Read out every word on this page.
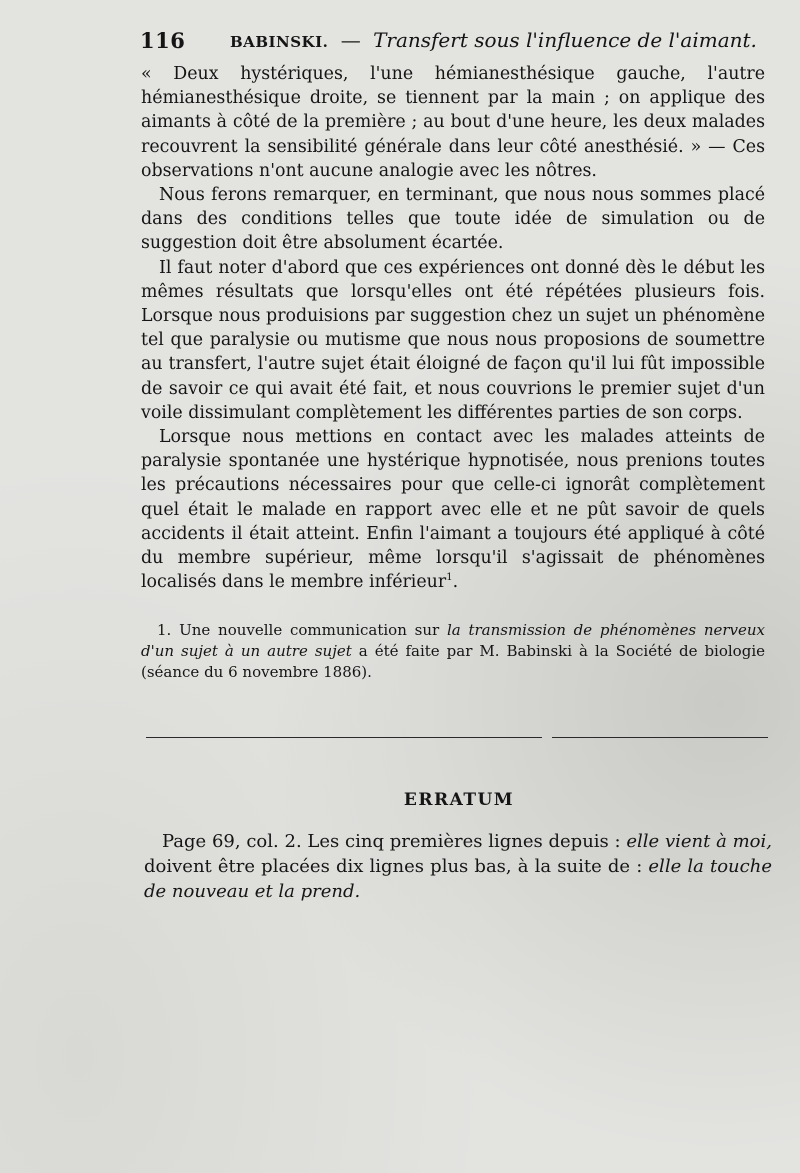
116	BABINSKI. — Transfert sous l'influence de l'aimant.

« Deux hystériques, l'une hémianesthésique gauche, l'autre hémianesthésique droite, se tiennent par la main ; on applique des aimants à côté de la première ; au bout d'une heure, les deux malades recouvrent la sensibilité générale dans leur côté anesthésié. » — Ces observations n'ont aucune analogie avec les nôtres.

Nous ferons remarquer, en terminant, que nous nous sommes placé dans des conditions telles que toute idée de simulation ou de suggestion doit être absolument écartée.

Il faut noter d'abord que ces expériences ont donné dès le début les mêmes résultats que lorsqu'elles ont été répétées plusieurs fois. Lorsque nous produisions par suggestion chez un sujet un phénomène tel que paralysie ou mutisme que nous nous proposions de soumettre au transfert, l'autre sujet était éloigné de façon qu'il lui fût impossible de savoir ce qui avait été fait, et nous couvrions le premier sujet d'un voile dissimulant complètement les différentes parties de son corps.

Lorsque nous mettions en contact avec les malades atteints de paralysie spontanée une hystérique hypnotisée, nous prenions toutes les précautions nécessaires pour que celle-ci ignorât complètement quel était le malade en rapport avec elle et ne pût savoir de quels accidents il était atteint. Enfin l'aimant a toujours été appliqué à côté du membre supérieur, même lorsqu'il s'agissait de phénomènes localisés dans le membre inférieur$^1$.

1. Une nouvelle communication sur la transmission de phénomènes nerveux d'un sujet à un autre sujet a été faite par M. Babinski à la Société de biologie (séance du 6 novembre 1886).
ERRATUM
Page 69, col. 2. Les cinq premières lignes depuis : elle vient à moi, doivent être placées dix lignes plus bas, à la suite de : elle la touche de nouveau et la prend.
